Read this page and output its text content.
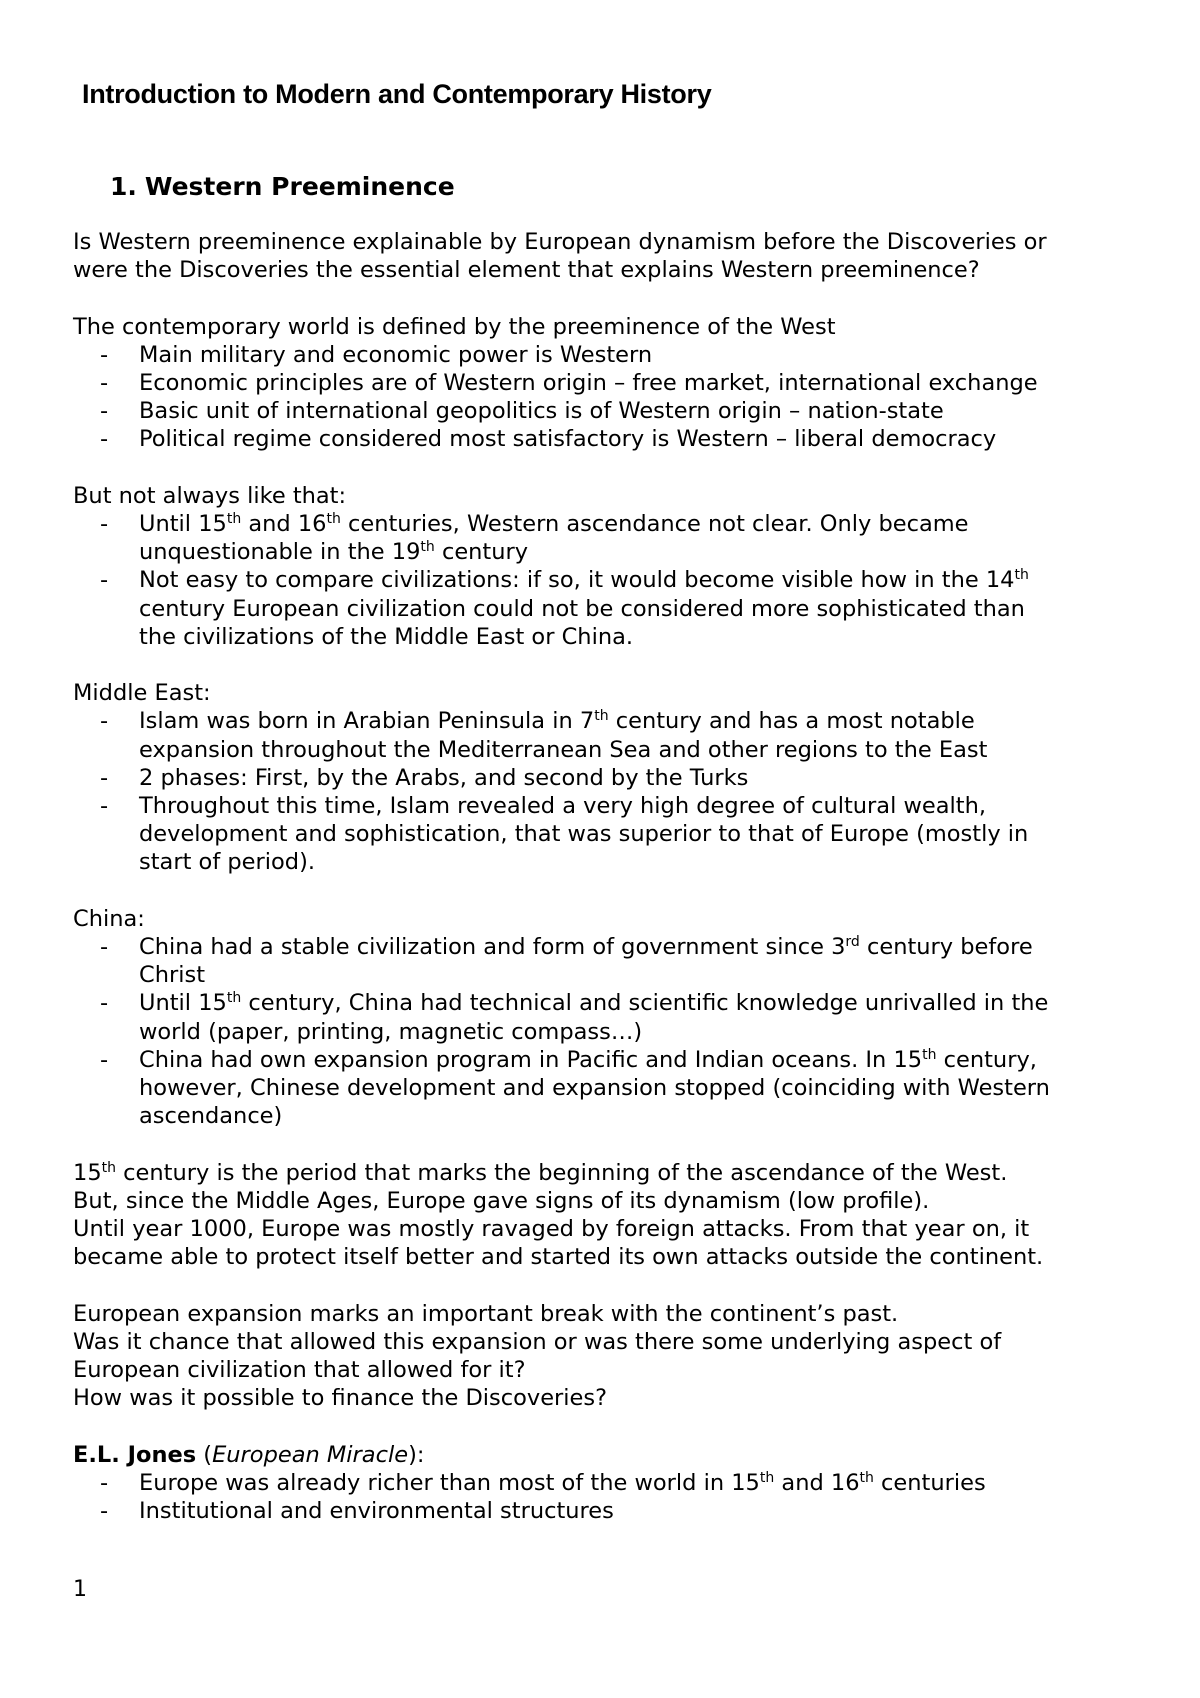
Introduction to Modern and Contemporary History
1. Western Preeminence

Is Western preeminence explainable by European dynamism before the Discoveries or
were the Discoveries the essential element that explains Western preeminence?

The contemporary world is defined by the preeminence of the West

- Main military and economic power is Western
- Economic principles are of Western origin – free market, international exchange
- Basic unit of international geopolitics is of Western origin – nation-state
- Political regime considered most satisfactory is Western – liberal democracy

But not always like that:

- Until 15th and 16th centuries, Western ascendance not clear. Only became
unquestionable in the 19th century
- Not easy to compare civilizations: if so, it would become visible how in the 14th
century European civilization could not be considered more sophisticated than
the civilizations of the Middle East or China.

Middle East:

- Islam was born in Arabian Peninsula in 7th century and has a most notable
expansion throughout the Mediterranean Sea and other regions to the East
- 2 phases: First, by the Arabs, and second by the Turks
- Throughout this time, Islam revealed a very high degree of cultural wealth,
development and sophistication, that was superior to that of Europe (mostly in
start of period).

China:

- China had a stable civilization and form of government since 3rd century before
Christ
- Until 15th century, China had technical and scientific knowledge unrivalled in the
world (paper, printing, magnetic compass…)
- China had own expansion program in Pacific and Indian oceans. In 15th century,
however, Chinese development and expansion stopped (coinciding with Western
ascendance)

15th century is the period that marks the beginning of the ascendance of the West.
But, since the Middle Ages, Europe gave signs of its dynamism (low profile).
Until year 1000, Europe was mostly ravaged by foreign attacks. From that year on, it
became able to protect itself better and started its own attacks outside the continent.

European expansion marks an important break with the continent’s past.
Was it chance that allowed this expansion or was there some underlying aspect of
European civilization that allowed for it?
How was it possible to finance the Discoveries?

E.L. Jones (European Miracle):

- Europe was already richer than most of the world in 15th and 16th centuries
- Institutional and environmental structures
1
